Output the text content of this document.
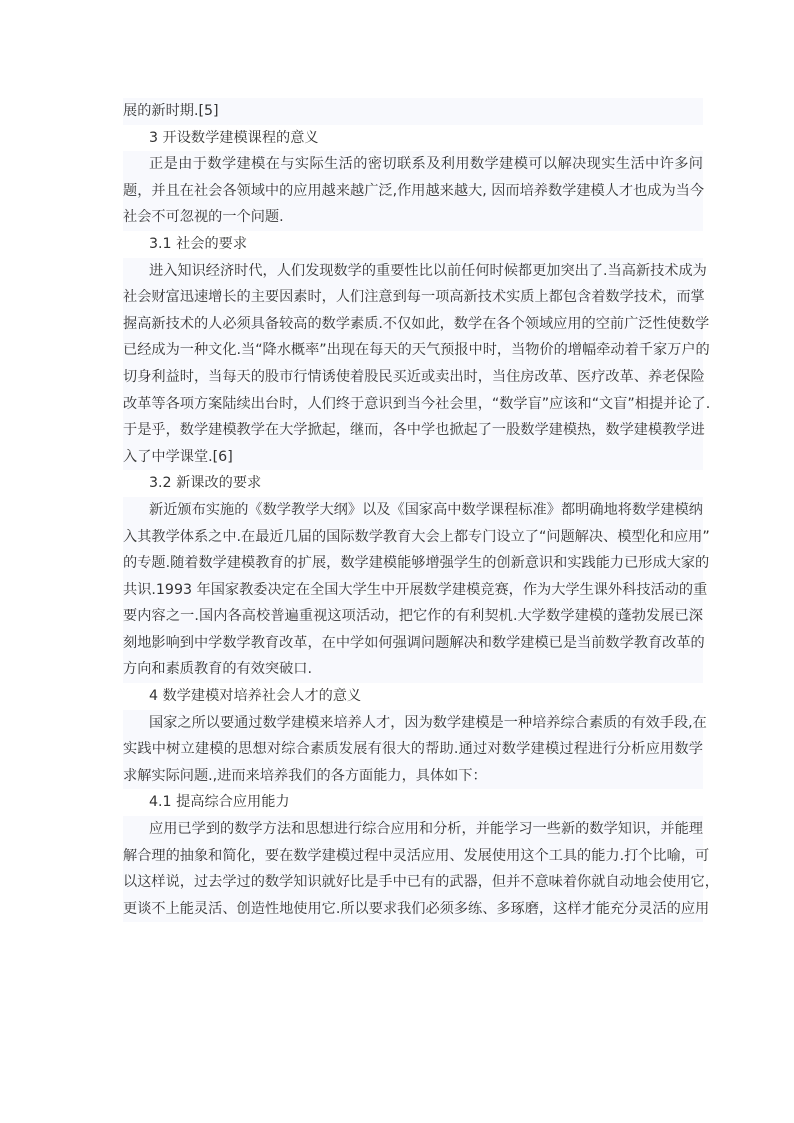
展的新时期.[5]
3 开设数学建模课程的意义
正是由于数学建模在与实际生活的密切联系及利用数学建模可以解决现实生活中许多问
题，并且在社会各领域中的应用越来越广泛,作用越来越大, 因而培养数学建模人才也成为当今
社会不可忽视的一个问题.
3.1 社会的要求
进入知识经济时代，人们发现数学的重要性比以前任何时候都更加突出了.当高新技术成为
社会财富迅速增长的主要因素时，人们注意到每一项高新技术实质上都包含着数学技术，而掌
握高新技术的人必须具备较高的数学素质.不仅如此，数学在各个领域应用的空前广泛性使数学
已经成为一种文化.当“降水概率”出现在每天的天气预报中时，当物价的增幅牵动着千家万户的
切身利益时，当每天的股市行情诱使着股民买近或卖出时，当住房改革、医疗改革、养老保险
改革等各项方案陆续出台时，人们终于意识到当今社会里，“数学盲”应该和“文盲”相提并论了.
于是乎，数学建模教学在大学掀起，继而，各中学也掀起了一股数学建模热，数学建模教学进
入了中学课堂.[6]
3.2 新课改的要求
新近颁布实施的《数学教学大纲》以及《国家高中数学课程标准》都明确地将数学建模纳
入其教学体系之中.在最近几届的国际数学教育大会上都专门设立了“问题解决、模型化和应用”
的专题.随着数学建模教育的扩展，数学建模能够增强学生的创新意识和实践能力已形成大家的
共识.1993 年国家教委决定在全国大学生中开展数学建模竞赛，作为大学生课外科技活动的重
要内容之一.国内各高校普遍重视这项活动，把它作的有利契机.大学数学建模的蓬勃发展已深
刻地影响到中学数学教育改革，在中学如何强调问题解决和数学建模已是当前数学教育改革的
方向和素质教育的有效突破口.
4 数学建模对培养社会人才的意义
国家之所以要通过数学建模来培养人才，因为数学建模是一种培养综合素质的有效手段,在
实践中树立建模的思想对综合素质发展有很大的帮助.通过对数学建模过程进行分析应用数学
求解实际问题.,进而来培养我们的各方面能力，具体如下：
4.1 提高综合应用能力
应用已学到的数学方法和思想进行综合应用和分析，并能学习一些新的数学知识，并能理
解合理的抽象和简化，要在数学建模过程中灵活应用、发展使用这个工具的能力.打个比喻，可
以这样说，过去学过的数学知识就好比是手中已有的武器，但并不意味着你就自动地会使用它，
更谈不上能灵活、创造性地使用它.所以要求我们必须多练、多琢磨，这样才能充分灵活的应用
